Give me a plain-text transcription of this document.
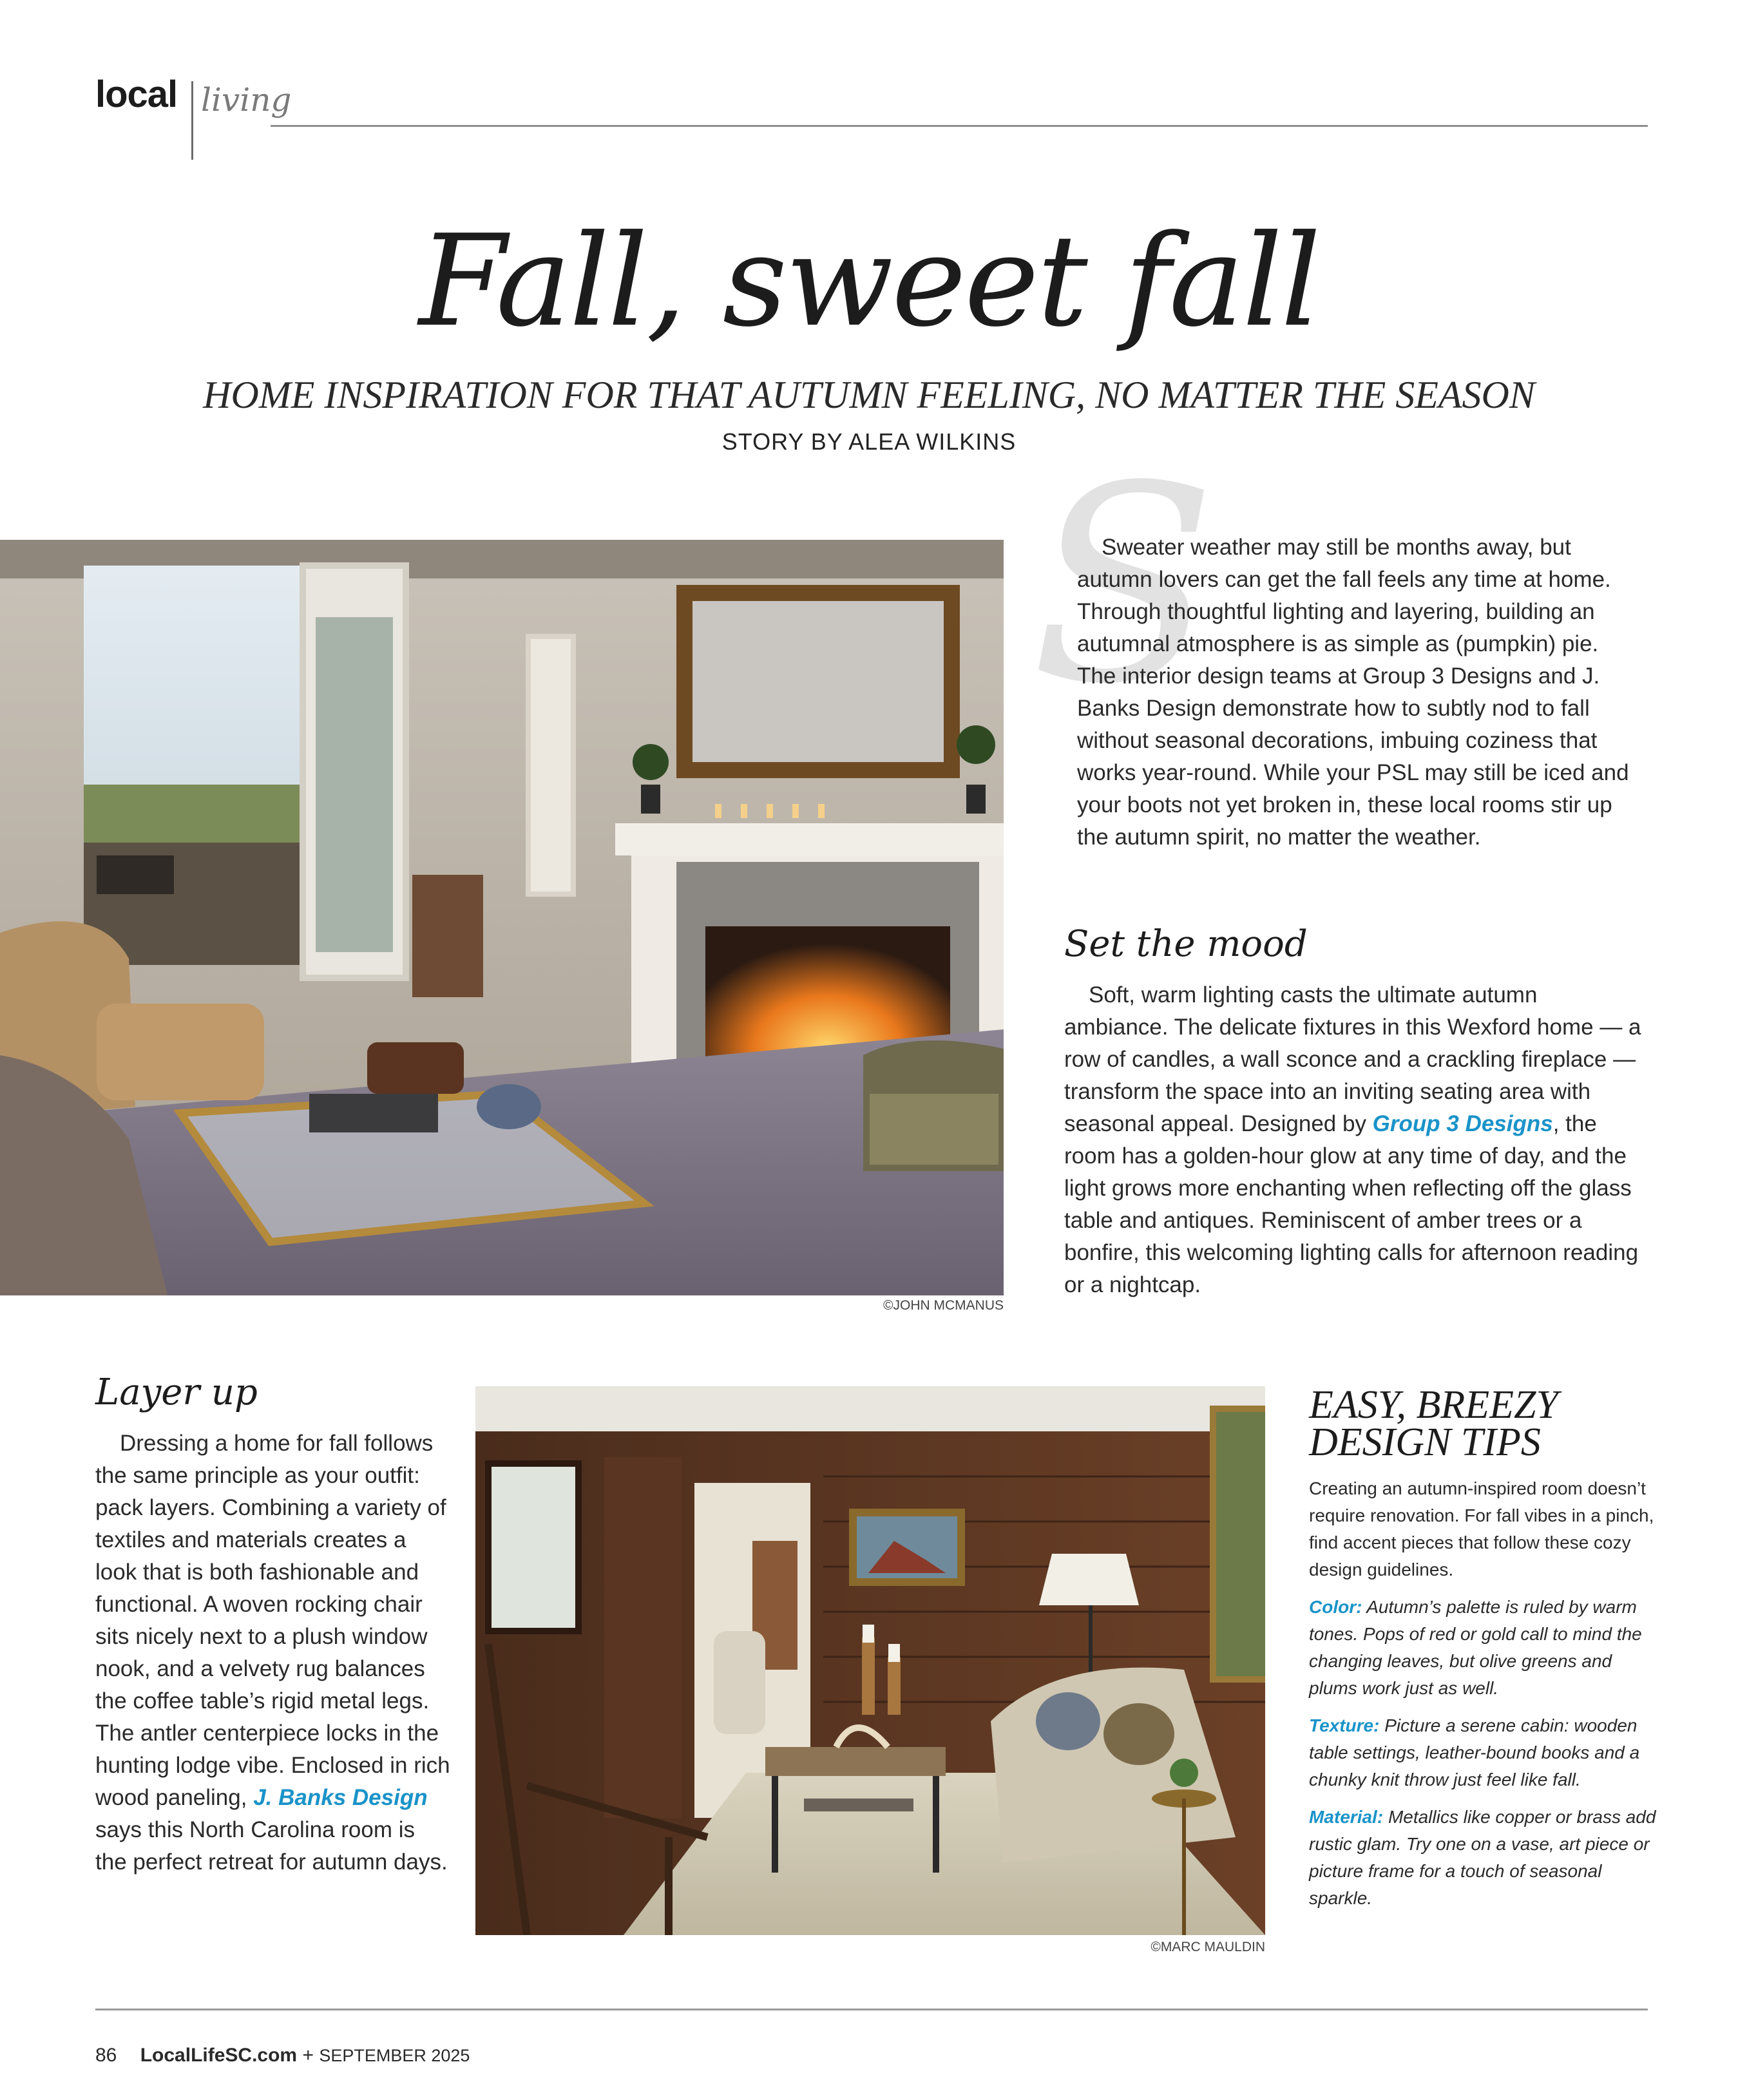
local living
Fall, sweet fall
HOME INSPIRATION FOR THAT AUTUMN FEELING, NO MATTER THE SEASON
STORY BY ALEA WILKINS
©JOHN MCMANUS
S

Sweater weather may still be months away, but autumn lovers can get the fall feels any time at home. Through thoughtful lighting and layering, building an autumnal atmosphere is as simple as (pumpkin) pie. The interior design teams at Group 3 Designs and J. Banks Design demonstrate how to subtly nod to fall without seasonal decorations, imbuing coziness that works year-round. While your PSL may still be iced and your boots not yet broken in, these local rooms stir up the autumn spirit, no matter the weather.

Set the mood

Soft, warm lighting casts the ultimate autumn ambiance. The delicate fixtures in this Wexford home — a row of candles, a wall sconce and a crackling fireplace — transform the space into an inviting seating area with seasonal appeal. Designed by Group 3 Designs, the room has a golden-hour glow at any time of day, and the light grows more enchanting when reflecting off the glass table and antiques. Reminiscent of amber trees or a bonfire, this welcoming lighting calls for afternoon reading or a nightcap.

Layer up

Dressing a home for fall follows the same principle as your outfit: pack layers. Combining a variety of textiles and materials creates a look that is both fashionable and functional. A woven rocking chair sits nicely next to a plush window nook, and a velvety rug balances the coffee table’s rigid metal legs. The antler centerpiece locks in the hunting lodge vibe. Enclosed in rich wood paneling, J. Banks Design says this North Carolina room is the perfect retreat for autumn days.

©MARC MAULDIN
EASY, BREEZY DESIGN TIPS

Creating an autumn-inspired room doesn’t require renovation. For fall vibes in a pinch, find accent pieces that follow these cozy design guidelines.

Color: Autumn’s palette is ruled by warm tones. Pops of red or gold call to mind the changing leaves, but olive greens and plums work just as well.

Texture: Picture a serene cabin: wooden table settings, leather-bound books and a chunky knit throw just feel like fall.

Material: Metallics like copper or brass add rustic glam. Try one on a vase, art piece or picture frame for a touch of seasonal sparkle.

86 LocalLifeSC.com + SEPTEMBER 2025
